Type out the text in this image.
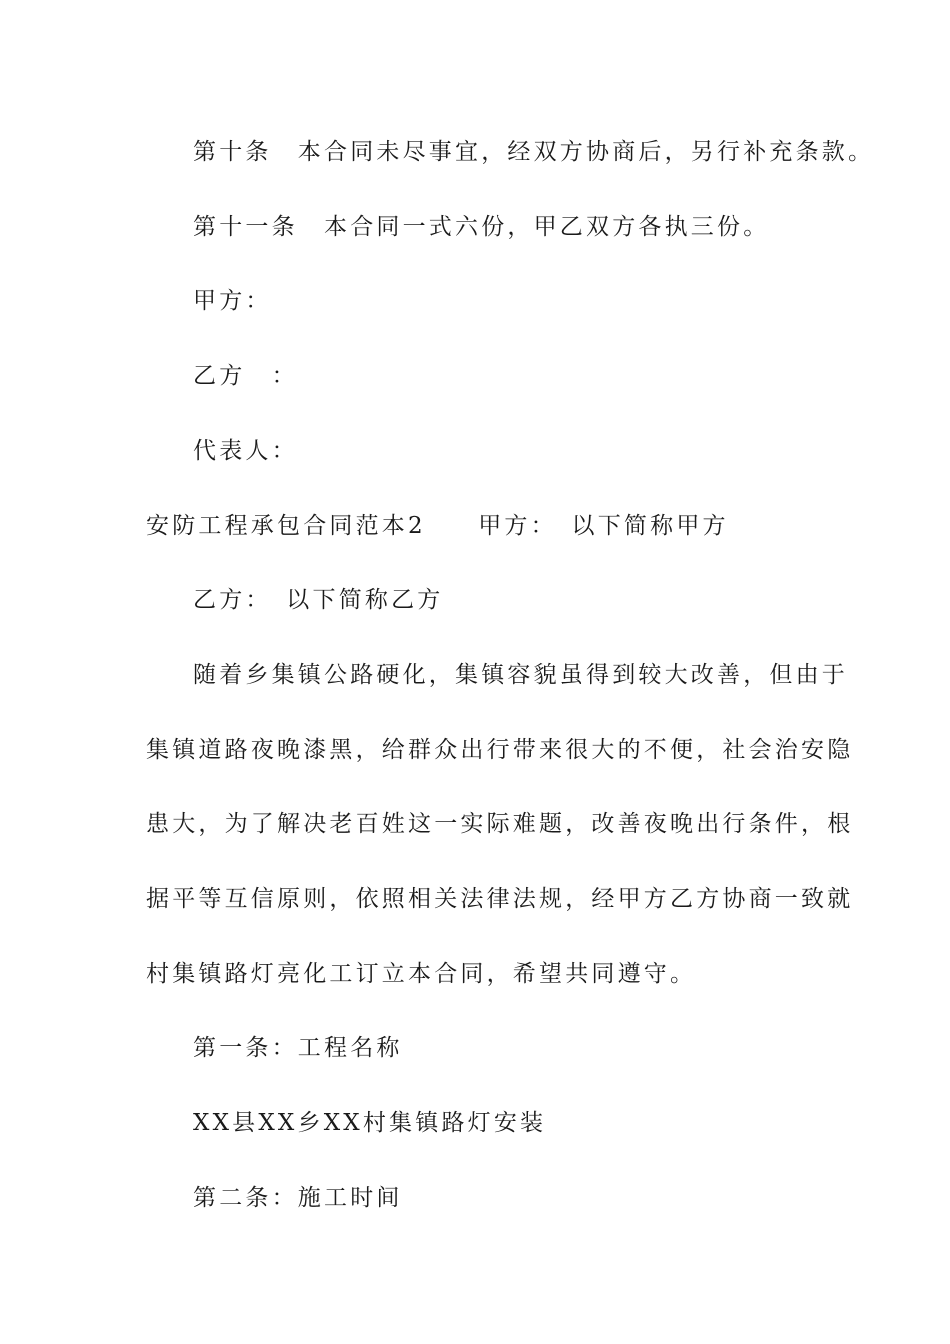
第十条　本合同未尽事宜，经双方协商后，另行补充条款。
第十一条　本合同一式六份，甲乙双方各执三份。
甲方：
乙方　：
代表人：
安防工程承包合同范本2　　甲方：　以下简称甲方
乙方：　以下简称乙方
随着乡集镇公路硬化，集镇容貌虽得到较大改善，但由于
集镇道路夜晚漆黑，给群众出行带来很大的不便，社会治安隐
患大，为了解决老百姓这一实际难题，改善夜晚出行条件，根
据平等互信原则，依照相关法律法规，经甲方乙方协商一致就
村集镇路灯亮化工订立本合同，希望共同遵守。
第一条：工程名称
XX县XX乡XX村集镇路灯安装
第二条：施工时间
